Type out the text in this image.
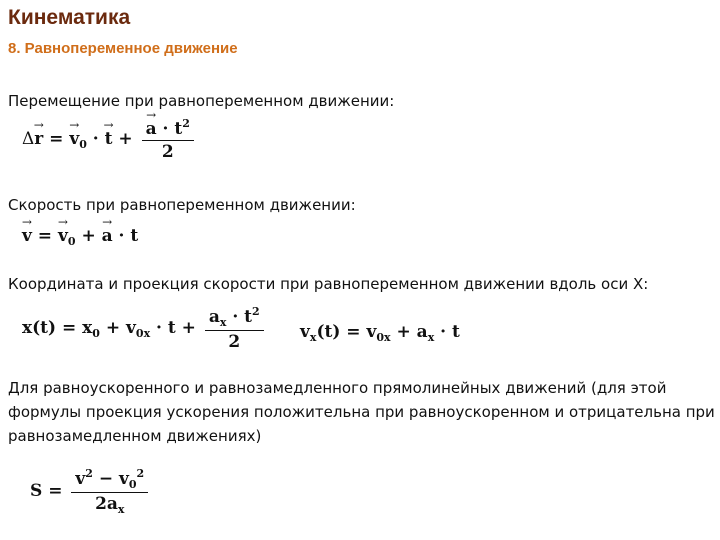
Кинематика
8. Равнопеременное движение
Перемещение при равнопеременном движении:
Δ→ r = → $v_0$ · → t +
→ $\frac{a \cdot t^2}{2}$
Скорость при равнопеременном движении:
→ v = → $v_0$ + → a · t
Координата и проекция скорости при равнопеременном движении вдоль оси X:
$x(t) = x_0 + v_{0x} \cdot t + \frac{a_x \cdot t^2}{2} v_x(t) = v_{0x} + a_x \cdot t$
Для равноускоренного и равнозамедленного прямолинейных движений (для этой
формулы проекция ускорения положительна при равноускоренном и отрицательна при
равнозамедленном движениях)
$S = \frac{v^2 - v_0^2}{2a_x}$
